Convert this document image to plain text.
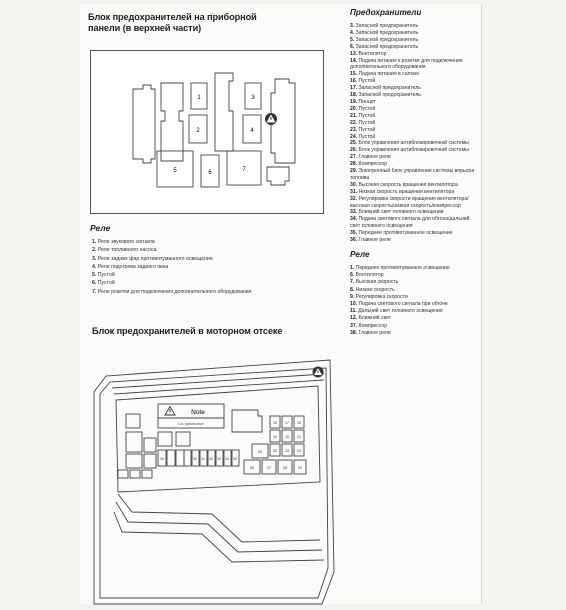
Блок предохранителей на приборной
панели (в верхней части)
1
2
3
4
5	6	7
Реле
1. Реле звукового сигнала
2. Реле топливного насоса
3. Реле задних фар противотуманного освещения
4. Реле подогрева заднего окна
5. Пустой
6. Пустой
7. Реле розетки для подключения дополнительного оборудования
Блок предохранителей в моторном отсеке
Note
См. примечание	16 17 18
19 20 21
22 23 24
25
26	27	28	29
30 31 32 33 34 35
36
Предохранители
3. Запасной предохранитель
4. Запасной предохранитель
5. Запасной предохранитель
6. Запасной предохранитель
13. Вентилятор
14. Подача питания к розетке для подключения дополнительного оборудования
15. Подача питания в салоне
16. Пустой
17. Запасной предохранитель
18. Запасной предохранитель
19. Пинцет
20. Пустой
21. Пустой
22. Пустой
23. Пустой
24. Пустой
25. Блок управления антиблокировочной системы
26. Блок управления антиблокировочной системы
27. Главное реле
28. Компрессор
29. Электронный блок управления системы впрыска топлива
30. Высокая скорость вращения вентилятора
31. Низкая скорость вращения вентилятора
32. Регулировка скорости вращения вентилятора/высокая скорость/низкая скорость/компрессор
33. Ближний свет головного освещения
34. Подача светового сигнала для обгона/дальний свет головного освещения
35. Переднее противотуманное освещение
36. Главное реле
Реле
1. Переднее противотуманное освещение
6. Вентилятор
7. Высокая скорость
8. Низкая скорость
9. Регулировка скорости
10. Подача светового сигнала при обгоне
11. Дальний свет головного освещения
12. Ближний свет
37. Компрессор
38. Главное реле
